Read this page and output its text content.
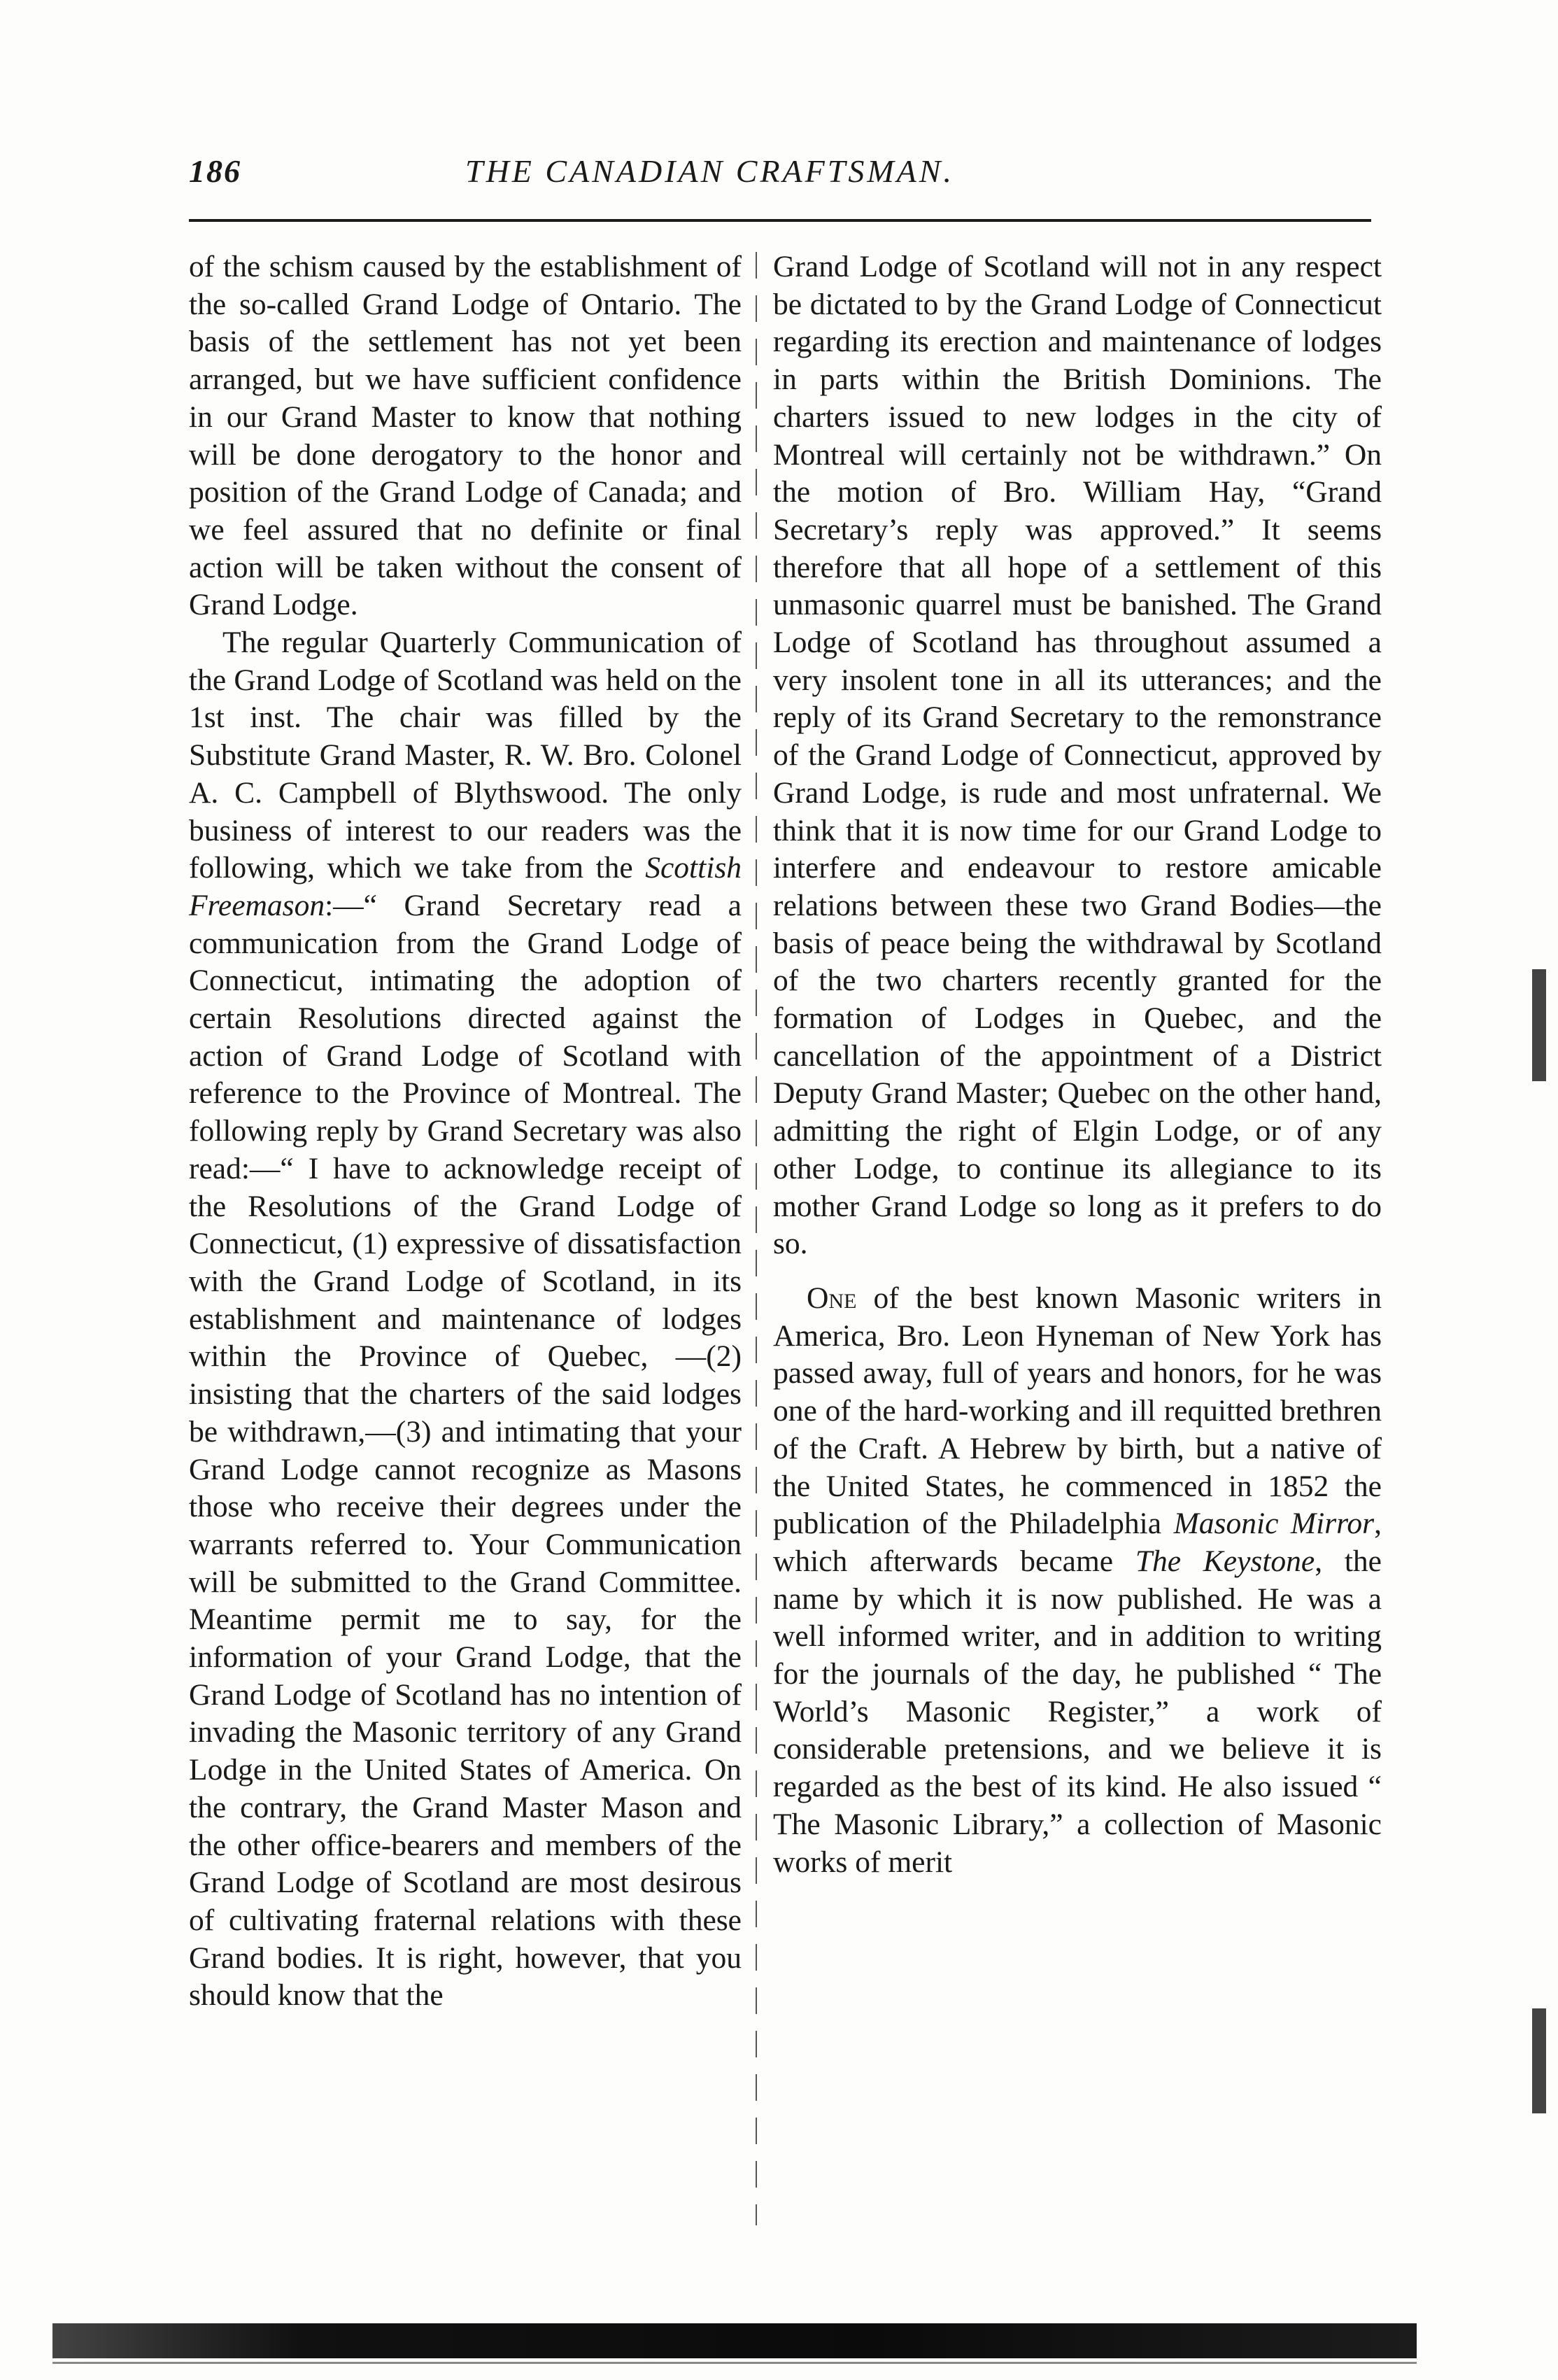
186	THE CANADIAN CRAFTSMAN.

of the schism caused by the establishment of the so-called Grand Lodge of Ontario. The basis of the settlement has not yet been arranged, but we have sufficient confidence in our Grand Master to know that nothing will be done derogatory to the honor and position of the Grand Lodge of Canada; and we feel assured that no definite or final action will be taken without the consent of Grand Lodge.

The regular Quarterly Communication of the Grand Lodge of Scotland was held on the 1st inst. The chair was filled by the Substitute Grand Master, R. W. Bro. Colonel A. C. Campbell of Blythswood. The only business of interest to our readers was the following, which we take from the Scottish Freemason:—“ Grand Secretary read a communication from the Grand Lodge of Connecticut, intimating the adoption of certain Resolutions directed against the action of Grand Lodge of Scotland with reference to the Province of Montreal. The following reply by Grand Secretary was also read:—“ I have to acknowledge receipt of the Resolutions of the Grand Lodge of Connecticut, (1) expressive of dissatisfaction with the Grand Lodge of Scotland, in its establishment and maintenance of lodges within the Province of Quebec, —(2) insisting that the charters of the said lodges be withdrawn,—(3) and intimating that your Grand Lodge cannot recognize as Masons those who receive their degrees under the warrants referred to. Your Communication will be submitted to the Grand Committee. Meantime permit me to say, for the information of your Grand Lodge, that the Grand Lodge of Scotland has no intention of invading the Masonic territory of any Grand Lodge in the United States of America. On the contrary, the Grand Master Mason and the other office-bearers and members of the Grand Lodge of Scotland are most desirous of cultivating fraternal relations with these Grand bodies. It is right, however, that you should know that the

Grand Lodge of Scotland will not in any respect be dictated to by the Grand Lodge of Connecticut regarding its erection and maintenance of lodges in parts within the British Dominions. The charters issued to new lodges in the city of Montreal will certainly not be withdrawn.” On the motion of Bro. William Hay, “Grand Secretary’s reply was approved.” It seems therefore that all hope of a settlement of this unmasonic quarrel must be banished. The Grand Lodge of Scotland has throughout assumed a very insolent tone in all its utterances; and the reply of its Grand Secretary to the remonstrance of the Grand Lodge of Connecticut, approved by Grand Lodge, is rude and most unfraternal. We think that it is now time for our Grand Lodge to interfere and endeavour to restore amicable relations between these two Grand Bodies—the basis of peace being the withdrawal by Scotland of the two charters recently granted for the formation of Lodges in Quebec, and the cancellation of the appointment of a District Deputy Grand Master; Quebec on the other hand, admitting the right of Elgin Lodge, or of any other Lodge, to continue its allegiance to its mother Grand Lodge so long as it prefers to do so.

One of the best known Masonic writers in America, Bro. Leon Hyneman of New York has passed away, full of years and honors, for he was one of the hard-working and ill requitted brethren of the Craft. A Hebrew by birth, but a native of the United States, he commenced in 1852 the publication of the Philadelphia Masonic Mirror, which afterwards became The Keystone, the name by which it is now published. He was a well informed writer, and in addition to writing for the journals of the day, he published “ The World’s Masonic Register,” a work of considerable pretensions, and we believe it is regarded as the best of its kind. He also issued “ The Masonic Library,” a collection of Masonic works of merit
